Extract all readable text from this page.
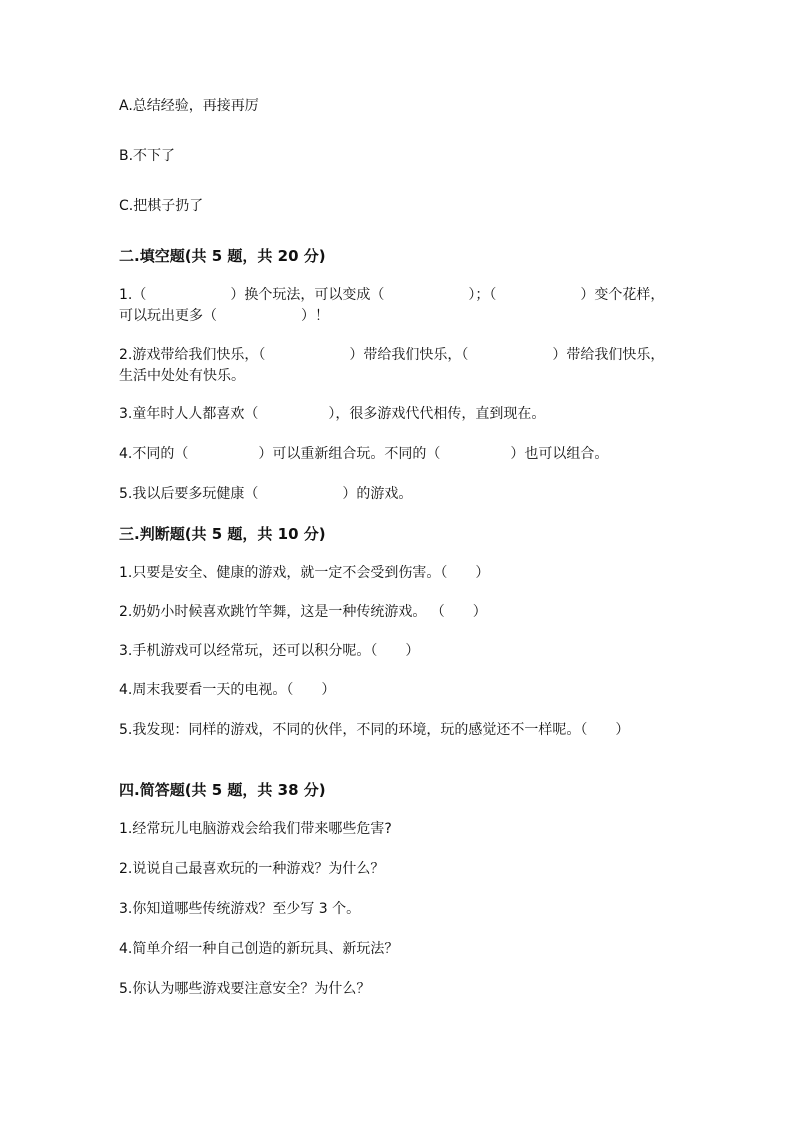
A.总结经验，再接再厉
B.不下了
C.把棋子扔了
二.填空题(共 5 题，共 20 分)
1.（　　　　　　）换个玩法，可以变成（　　　　　　）；（　　　　　　）变个花样，可以玩出更多（　　　　　　）！
2.游戏带给我们快乐，（　　　　　　）带给我们快乐，（　　　　　　）带给我们快乐，生活中处处有快乐。
3.童年时人人都喜欢（　　　　　），很多游戏代代相传，直到现在。
4.不同的（　　　　　）可以重新组合玩。不同的（　　　　　）也可以组合。
5.我以后要多玩健康（　　　　　　）的游戏。
三.判断题(共 5 题，共 10 分)
1.只要是安全、健康的游戏，就一定不会受到伤害。（　　）
2.奶奶小时候喜欢跳竹竿舞，这是一种传统游戏。 （　　）
3.手机游戏可以经常玩，还可以积分呢。（　　）
4.周末我要看一天的电视。（　　）
5.我发现：同样的游戏，不同的伙伴，不同的环境，玩的感觉还不一样呢。（　　）
四.简答题(共 5 题，共 38 分)
1.经常玩儿电脑游戏会给我们带来哪些危害?
2.说说自己最喜欢玩的一种游戏？为什么？
3.你知道哪些传统游戏？至少写 3 个。
4.简单介绍一种自己创造的新玩具、新玩法？
5.你认为哪些游戏要注意安全？为什么？
